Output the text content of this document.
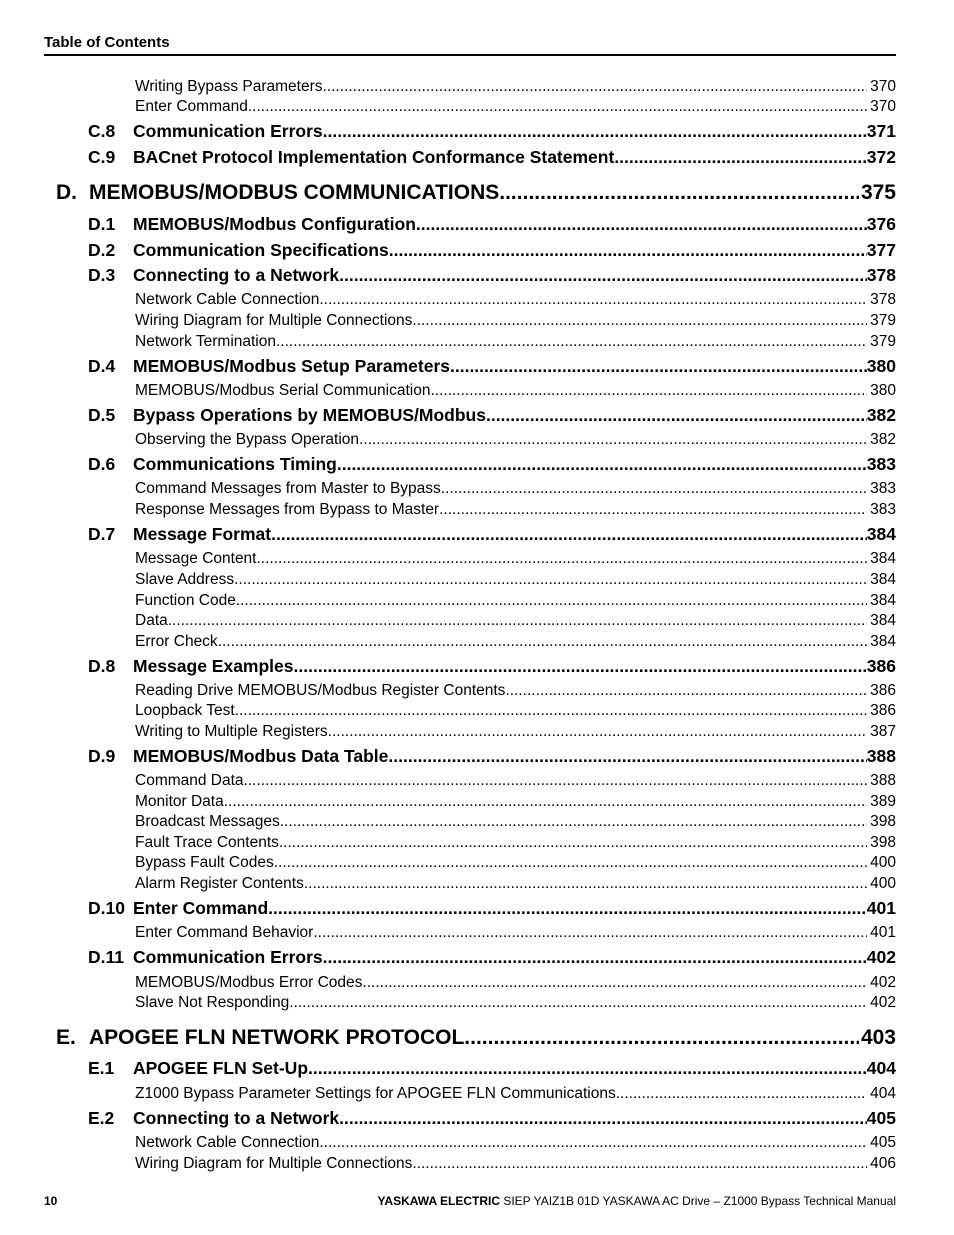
Table of Contents
Writing Bypass Parameters .....	370
Enter Command .....	370
C.8 Communication Errors .....	371
C.9 BACnet Protocol Implementation Conformance Statement .....	372
D. MEMOBUS/MODBUS COMMUNICATIONS .....	375
D.1 MEMOBUS/Modbus Configuration .....	376
D.2 Communication Specifications .....	377
D.3 Connecting to a Network .....	378
Network Cable Connection .....	378
Wiring Diagram for Multiple Connections .....	379
Network Termination .....	379
D.4 MEMOBUS/Modbus Setup Parameters .....	380
MEMOBUS/Modbus Serial Communication .....	380
D.5 Bypass Operations by MEMOBUS/Modbus .....	382
Observing the Bypass Operation .....	382
D.6 Communications Timing .....	383
Command Messages from Master to Bypass .....	383
Response Messages from Bypass to Master .....	383
D.7 Message Format .....	384
Message Content .....	384
Slave Address .....	384
Function Code .....	384
Data .....	384
Error Check .....	384
D.8 Message Examples .....	386
Reading Drive MEMOBUS/Modbus Register Contents .....	386
Loopback Test .....	386
Writing to Multiple Registers .....	387
D.9 MEMOBUS/Modbus Data Table .....	388
Command Data .....	388
Monitor Data .....	389
Broadcast Messages .....	398
Fault Trace Contents .....	398
Bypass Fault Codes .....	400
Alarm Register Contents .....	400
D.10 Enter Command .....	401
Enter Command Behavior .....	401
D.11 Communication Errors .....	402
MEMOBUS/Modbus Error Codes .....	402
Slave Not Responding .....	402
E. APOGEE FLN NETWORK PROTOCOL .....	403
E.1 APOGEE FLN Set-Up .....	404
Z1000 Bypass Parameter Settings for APOGEE FLN Communications .....	404
E.2 Connecting to a Network .....	405
Network Cable Connection .....	405
Wiring Diagram for Multiple Connections .....	406
10	YASKAWA ELECTRIC SIEP YAIZ1B 01D YASKAWA AC Drive – Z1000 Bypass Technical Manual
